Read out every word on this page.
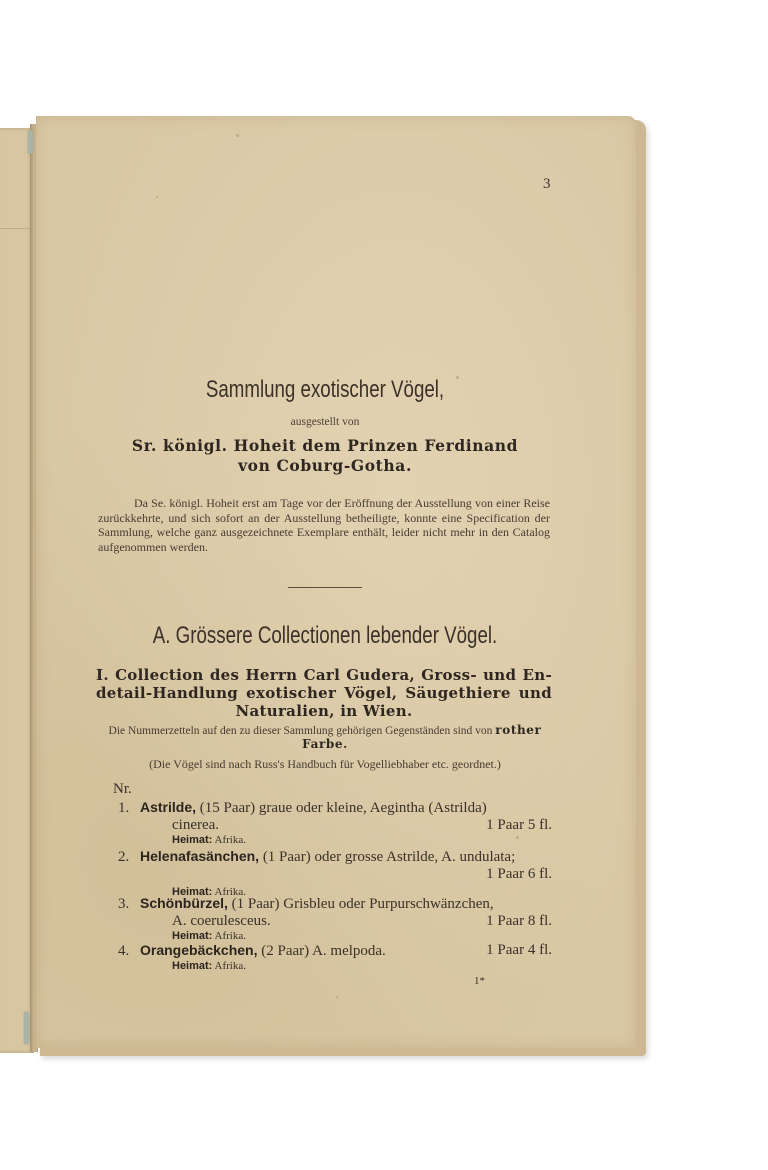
3
Sammlung exotischer Vögel,
ausgestellt von
Sr. königl. Hoheit dem Prinzen Ferdinand
von Coburg-Gotha.
Da Se. königl. Hoheit erst am Tage vor der Eröffnung der Ausstellung von einer Reise zurückkehrte, und sich sofort an der Ausstellung betheiligte, konnte eine Specification der Sammlung, welche ganz ausgezeichnete Exemplare enthält, leider nicht mehr in den Catalog aufgenommen werden.
A. Grössere Collectionen lebender Vögel.
I. Collection des Herrn Carl Gudera, Gross- und En-detail-Handlung exotischer Vögel, Säugethiere und Naturalien, in Wien.
Die Nummerzetteln auf den zu dieser Sammlung gehörigen Gegenständen sind von rother Farbe.
(Die Vögel sind nach Russ's Handbuch für Vogelliebhaber etc. geordnet.)
Nr.
1. Astrilde, (15 Paar) graue oder kleine, Aegintha (Astrilda)
cinerea.	1 Paar 5 fl.
Heimat: Afrika.
2. Helenafasänchen, (1 Paar) oder grosse Astrilde, A. undulata;
1 Paar 6 fl.
Heimat: Afrika.
3. Schönbürzel, (1 Paar) Grisbleu oder Purpurschwänzchen,
A. coerulesceus.	1 Paar 8 fl.
Heimat: Afrika.
4. Orangebäckchen, (2 Paar) A. melpoda.	1 Paar 4 fl.
Heimat: Afrika.
1*
